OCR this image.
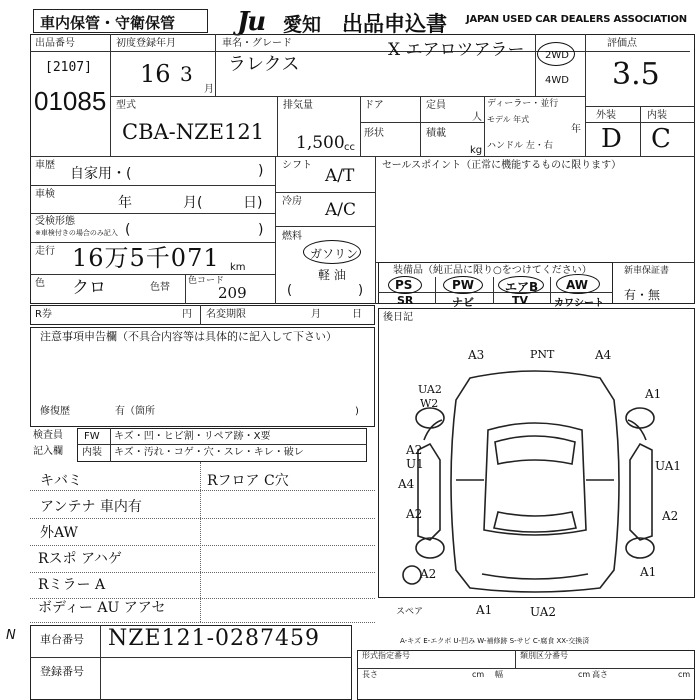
車内保管・守衛保管 Ju 愛知 出品申込書 JAPAN USED CAR DEALERS ASSOCIATION
出品番号
[2107]
01085
初度登録年月
16 3
月
車名・グレード
ラレクス
X エアロツアラー 2WD
4WD
評価点
3.5
外装	内装
D C
型式
CBA-NZE121
排気量
1,500 cc
ドア
形状
定員
人
積載
kg
ディーラー・並行
モデル 年式
年
ハンドル 左・右
車歴
自家用・(	)
車検
年	月(	日)
受検形態
※車検付きの場合のみ記入 (	)
走行 16万5千071 km
色 クロ	色替
色コード
209
シフト
A/T
冷房 A/C
燃料
ガソリン
軽 油
(	)
セールスポイント（正常に機能するものに限ります）
装備品（純正品に限り○をつけてください）
PS	PW	エアB AW
SR	ナビ	TV	カワシート
新車保証書
有・無
R券	円 名変期限	月	日 後日記
注意事項申告欄（不具合内容等は具体的に記入して下さい）
修復歴	有（箇所	)
検査員
記入欄
FW キズ・凹・ヒビ割・リペア跡・X要
内装 キズ・汚れ・コゲ・穴・スレ・キレ・破レ
キバミ	Rフロア C穴
アンテナ 車内有
外AW
Rスポ アハゲ
Rミラー A
ボディー AU アアセ
A3	PNT	A4
UA2
W2
A1
A2
U1	UA1
A4
A2	A2
A2	A1
A1	UA2
スペア
A-キズ E-エクボ U-凹み W-補修跡 S-サビ C-腐食 XX-交換済
N 車台番号 NZE121-0287459
登録番号
形式指定番号	類別区分番号
長さ	cm 幅	cm 高さ	cm
